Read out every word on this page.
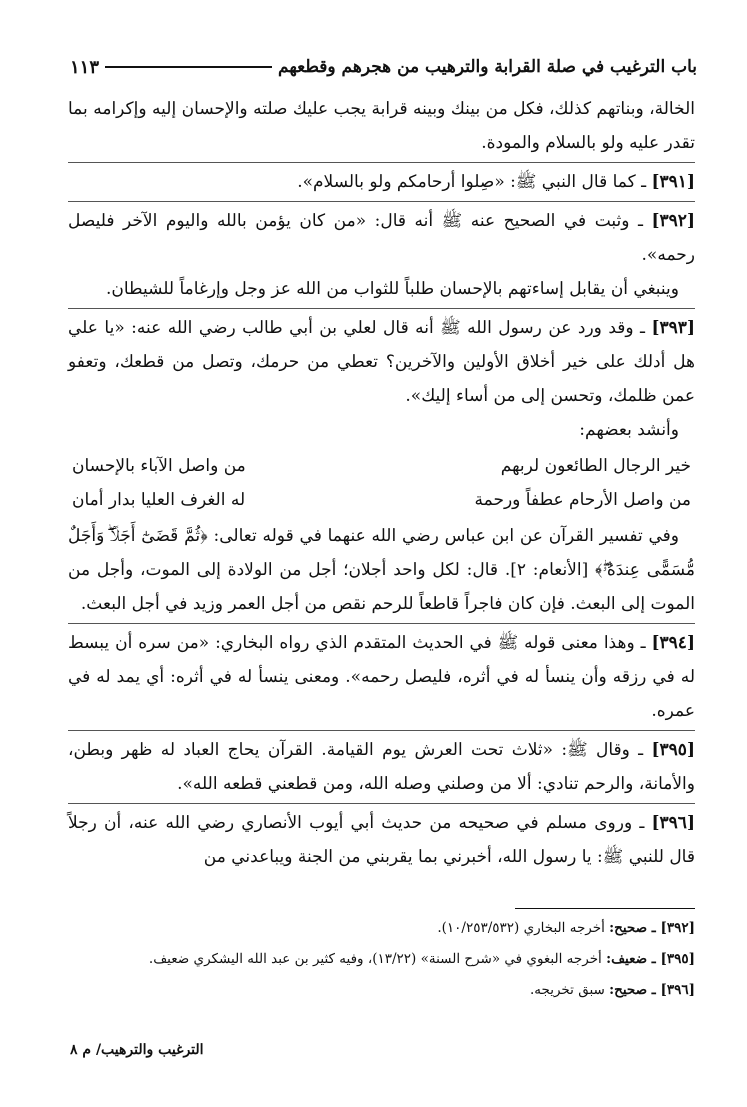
باب الترغيب في صلة القرابة والترهيب من هجرهم وقطعهم
١١٣

الخالة، وبناتهم كذلك، فكل من بينك وبينه قرابة يجب عليك صلته والإحسان إليه وإكرامه بما تقدر عليه ولو بالسلام والمودة.

[٣٩١] ـ كما قال النبي ﷺ: «صِلوا أرحامكم ولو بالسلام».

[٣٩٢] ـ وثبت في الصحيح عنه ﷺ أنه قال: «من كان يؤمن بالله واليوم الآخر فليصل رحمه».

وينبغي أن يقابل إساءتهم بالإحسان طلباً للثواب من الله عز وجل وإرغاماً للشيطان.

[٣٩٣] ـ وقد ورد عن رسول الله ﷺ أنه قال لعلي بن أبي طالب رضي الله عنه: «يا علي هل أدلك على خير أخلاق الأولين والآخرين؟ تعطي من حرمك، وتصل من قطعك، وتعفو عمن ظلمك، وتحسن إلى من أساء إليك».

وأنشد بعضهم:

خير الرجال الطائعون لربهم
من واصل الآباء بالإحسان
من واصل الأرحام عطفاً ورحمة
له الغرف العليا بدار أمان

وفي تفسير القرآن عن ابن عباس رضي الله عنهما في قوله تعالى: ﴿ثُمَّ قَضَىٰٓ أَجَلًاۖ وَأَجَلٌ مُّسَمًّى عِندَهُۥۖ﴾ [الأنعام: ٢]. قال: لكل واحد أجلان؛ أجل من الولادة إلى الموت، وأجل من الموت إلى البعث. فإن كان فاجراً قاطعاً للرحم نقص من أجل العمر وزيد في أجل البعث.

[٣٩٤] ـ وهذا معنى قوله ﷺ في الحديث المتقدم الذي رواه البخاري: «من سره أن يبسط له في رزقه وأن ينسأ له في أثره، فليصل رحمه». ومعنى ينسأ له في أثره: أي يمد له في عمره.

[٣٩٥] ـ وقال ﷺ: «ثلاث تحت العرش يوم القيامة. القرآن يحاج العباد له ظهر وبطن، والأمانة، والرحم تنادي: ألا من وصلني وصله الله، ومن قطعني قطعه الله».

[٣٩٦] ـ وروى مسلم في صحيحه من حديث أبي أيوب الأنصاري رضي الله عنه، أن رجلاً قال للنبي ﷺ: يا رسول الله، أخبرني بما يقربني من الجنة ويباعدني من

[٣٩٢] ـ صحيح: أخرجه البخاري (١٠/٢٥٣/٥٣٢).

[٣٩٥] ـ ضعيف: أخرجه البغوي في «شرح السنة» (١٣/٢٢)، وفيه كثير بن عبد الله اليشكري ضعيف.

[٣٩٦] ـ صحيح: سبق تخريجه.

الترغيب والترهيب/ م ٨
